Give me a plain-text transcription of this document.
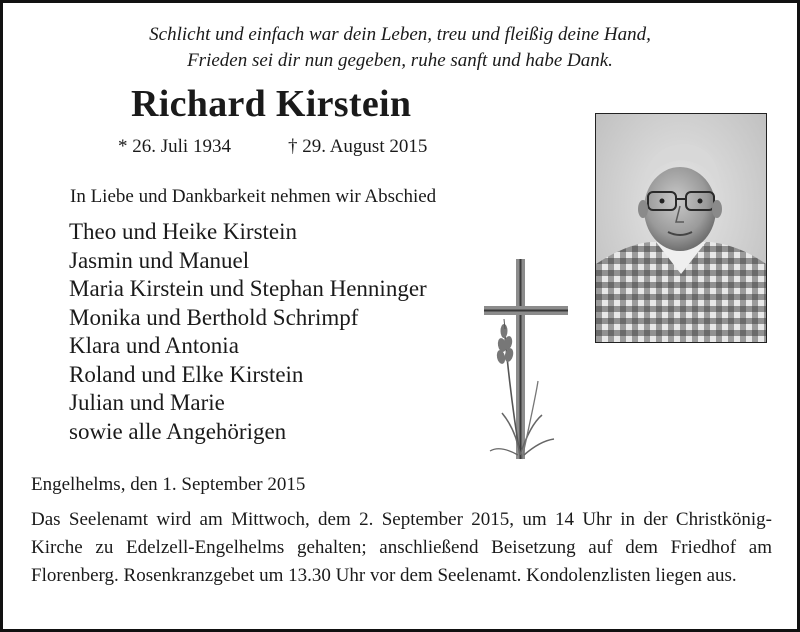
Schlicht und einfach war dein Leben, treu und fleißig deine Hand,
Frieden sei dir nun gegeben, ruhe sanft und habe Dank.
Richard Kirstein
* 26. Juli 1934	† 29. August 2015
In Liebe und Dankbarkeit nehmen wir Abschied
Theo und Heike Kirstein
Jasmin und Manuel
Maria Kirstein und Stephan Henninger
Monika und Berthold Schrimpf
Klara und Antonia
Roland und Elke Kirstein
Julian und Marie
sowie alle Angehörigen
Engelhelms, den 1. September 2015
Das Seelenamt wird am Mittwoch, dem 2. September 2015, um 14 Uhr in der Christkönig-Kirche zu Edelzell-Engelhelms gehalten; anschließend Beisetzung auf dem Friedhof am Florenberg. Rosenkranzgebet um 13.30 Uhr vor dem Seelenamt. Kondolenzlisten liegen aus.
